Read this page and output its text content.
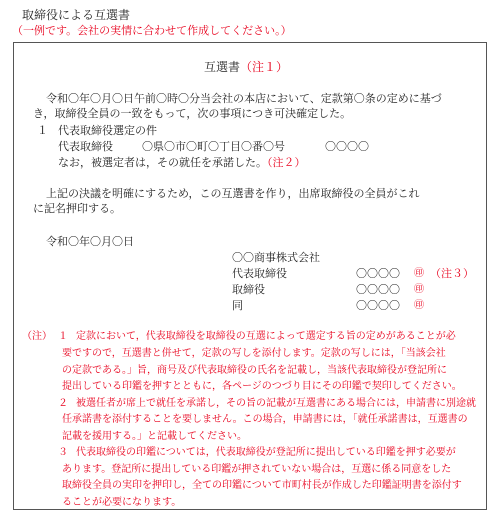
取締役による互選書
（一例です。会社の実情に合わせて作成してください。）
互選書（注１）
令和〇年〇月〇日午前〇時〇分当会社の本店において、定款第〇条の定めに基づ
き，取締役全員の一致をもって，次の事項につき可決確定した。
１ 代表取締役選定の件
代表取締役	〇県〇市〇町〇丁目〇番〇号	〇〇〇〇
なお，被選定者は，その就任を承諾した。（注２）
上記の決議を明確にするため，この互選書を作り，出席取締役の全員がこれ
に記名押印する。
令和〇年〇月〇日
〇〇商事株式会社
代表取締役	〇〇〇〇 ㊞ （注３）
取締役	〇〇〇〇 ㊞
同	〇〇〇〇 ㊞
（注） １ 定款において，代表取締役を取締役の互選によって選定する旨の定めがあることが必
要ですので，互選書と併せて，定款の写しを添付します。定款の写しには，「当該会社
の定款である。」旨，商号及び代表取締役の氏名を記載し，当該代表取締役が登記所に
提出している印鑑を押すとともに，各ページのつづり目にその印鑑で契印してください。
２ 被選任者が席上で就任を承諾し，その旨の記載が互選書にある場合には，申請書に別途就
任承諾書を添付することを要しません。この場合，申請書には，「就任承諾書は，互選書の
記載を援用する。」と記載してください。
３ 代表取締役の印鑑については，代表取締役が登記所に提出している印鑑を押す必要が
あります。登記所に提出している印鑑が押されていない場合は，互選に係る同意をした
取締役全員の実印を押印し，全ての印鑑について市町村長が作成した印鑑証明書を添付す
ることが必要になります。
